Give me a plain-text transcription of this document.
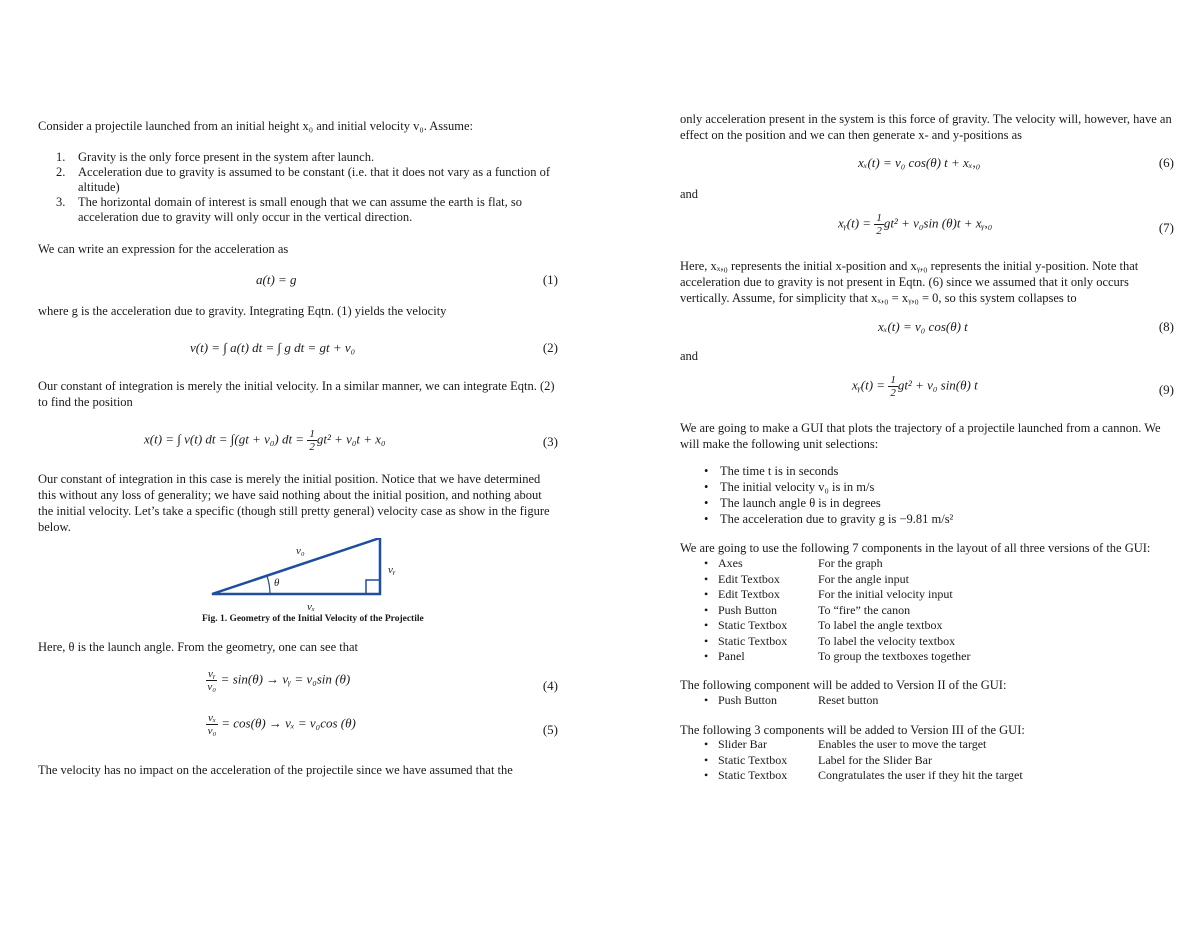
Consider a projectile launched from an initial height x₀ and initial velocity v₀. Assume:

1. Gravity is the only force present in the system after launch.
2. Acceleration due to gravity is assumed to be constant (i.e. that it does not vary as a function of altitude)
3. The horizontal domain of interest is small enough that we can assume the earth is flat, so acceleration due to gravity will only occur in the vertical direction.

We can write an expression for the acceleration as

a(t) = g	(1)

where g is the acceleration due to gravity. Integrating Eqtn. (1) yields the velocity

v(t) = ∫ a(t) dt = ∫ g dt = gt + v₀	(2)

Our constant of integration is merely the initial velocity. In a similar manner, we can integrate Eqtn. (2) to find the position

x(t) = ∫ v(t) dt = ∫(gt + v₀) dt = $\frac{1}{2} gt^2 + v_0t + x_0$	(3)

Our constant of integration in this case is merely the initial position. Notice that we have determined this without any loss of generality; we have said nothing about the initial position, and nothing about the initial velocity. Let’s take a specific (though still pretty general) velocity case as show in the figure below.

v₀
vᵧ
θ
vₓ
Fig. 1. Geometry of the Initial Velocity of the Projectile

Here, θ is the launch angle. From the geometry, one can see that

$\frac{\text{vᵧ}}{\text{v₀}} = \sin(\theta)$ → vᵧ = v₀sin (θ)	(4)
$\frac{\text{vₓ}}{\text{v₀}} = \cos(\theta) \to v_x = v_0\cos$ (θ)	(5)

The velocity has no impact on the acceleration of the projectile since we have assumed that the

only acceleration present in the system is this force of gravity. The velocity will, however, have an effect on the position and we can then generate x- and y-positions as

xₓ(t) = v₀ cos(θ) t + xₓ,₀	(6)

and

xᵧ(t) = $\frac{1}{2} gt^2 + v_0\sin$ (θ)t + xᵧ,₀	(7)

Here, xₓ,₀ represents the initial x-position and xᵧ,₀ represents the initial y-position. Note that acceleration due to gravity is not present in Eqtn. (6) since we assumed that it only occurs vertically. Assume, for simplicity that xₓ,₀ = xᵧ,₀ = 0, so this system collapses to

xₓ(t) = v₀ cos(θ) t	(8)

and

xᵧ(t) = $\frac{1}{2} gt^2 + v_0$ sin(θ) t	(9)

We are going to make a GUI that plots the trajectory of a projectile launched from a cannon. We will make the following unit selections:

• The time t is in seconds
• The initial velocity v₀ is in m/s
• The launch angle θ is in degrees
• The acceleration due to gravity g is −9.81 m/s²

We are going to use the following 7 components in the layout of all three versions of the GUI:

• Axes	For the graph
• Edit Textbox	For the angle input
• Edit Textbox	For the initial velocity input
• Push Button	To “fire” the canon
• Static Textbox	To label the angle textbox
• Static Textbox	To label the velocity textbox
• Panel	To group the textboxes together

The following component will be added to Version II of the GUI:

• Push Button	Reset button

The following 3 components will be added to Version III of the GUI:

• Slider Bar	Enables the user to move the target
• Static Textbox	Label for the Slider Bar
• Static Textbox	Congratulates the user if they hit the target
